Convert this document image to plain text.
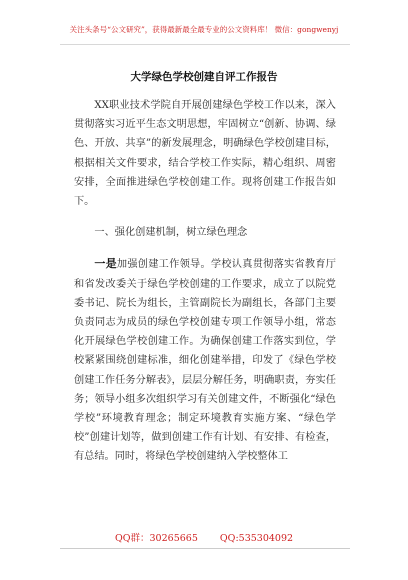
关注头条号“公文研究”，获得最新最全最专业的公文资料库！ 微信：gongwenyj
大学绿色学校创建自评工作报告

XX职业技术学院自开展创建绿色学校工作以来，深入贯彻落实习近平生态文明思想，牢固树立“创新、协调、绿色、开放、共享”的新发展理念，明确绿色学校创建目标，根据相关文件要求，结合学校工作实际，精心组织、周密安排，全面推进绿色学校创建工作。现将创建工作报告如下。

一、强化创建机制，树立绿色理念

一是加强创建工作领导。学校认真贯彻落实省教育厅和省发改委关于绿色学校创建的工作要求，成立了以院党委书记、院长为组长，主管副院长为副组长，各部门主要负责同志为成员的绿色学校创建专项工作领导小组，常态化开展绿色学校创建工作。为确保创建工作落实到位，学校紧紧围绕创建标准，细化创建举措，印发了《绿色学校创建工作任务分解表》，层层分解任务，明确职责，夯实任务；领导小组多次组织学习有关创建文件，不断强化“绿色学校”环境教育理念；制定环境教育实施方案、“绿色学校”创建计划等，做到创建工作有计划、有安排、有检查，有总结。同时，将绿色学校创建纳入学校整体工

QQ群：30265665 QQ:535304092
